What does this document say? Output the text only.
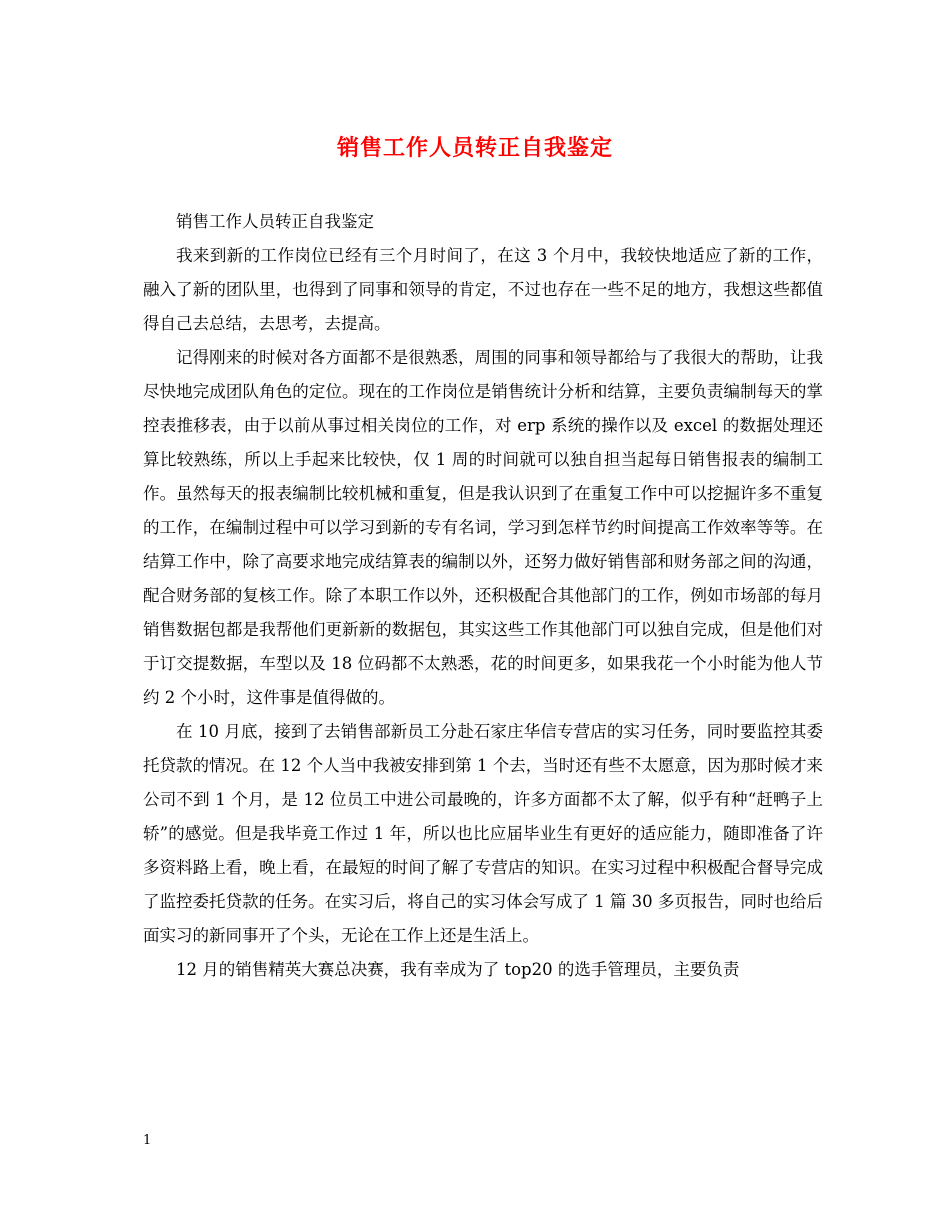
销售工作人员转正自我鉴定

销售工作人员转正自我鉴定

我来到新的工作岗位已经有三个月时间了，在这 3 个月中，我较快地适应了新的工作，融入了新的团队里，也得到了同事和领导的肯定，不过也存在一些不足的地方，我想这些都值得自己去总结，去思考，去提高。

记得刚来的时候对各方面都不是很熟悉，周围的同事和领导都给与了我很大的帮助，让我尽快地完成团队角色的定位。现在的工作岗位是销售统计分析和结算，主要负责编制每天的掌控表推移表，由于以前从事过相关岗位的工作，对 erp 系统的操作以及 excel 的数据处理还算比较熟练，所以上手起来比较快，仅 1 周的时间就可以独自担当起每日销售报表的编制工作。虽然每天的报表编制比较机械和重复，但是我认识到了在重复工作中可以挖掘许多不重复的工作，在编制过程中可以学习到新的专有名词，学习到怎样节约时间提高工作效率等等。在结算工作中，除了高要求地完成结算表的编制以外，还努力做好销售部和财务部之间的沟通，配合财务部的复核工作。除了本职工作以外，还积极配合其他部门的工作，例如市场部的每月销售数据包都是我帮他们更新新的数据包，其实这些工作其他部门可以独自完成，但是他们对于订交提数据，车型以及 18 位码都不太熟悉，花的时间更多，如果我花一个小时能为他人节约 2 个小时，这件事是值得做的。

在 10 月底，接到了去销售部新员工分赴石家庄华信专营店的实习任务，同时要监控其委托贷款的情况。在 12 个人当中我被安排到第 1 个去，当时还有些不太愿意，因为那时候才来公司不到 1 个月，是 12 位员工中进公司最晚的，许多方面都不太了解，似乎有种“赶鸭子上轿”的感觉。但是我毕竟工作过 1 年，所以也比应届毕业生有更好的适应能力，随即准备了许多资料路上看，晚上看，在最短的时间了解了专营店的知识。在实习过程中积极配合督导完成了监控委托贷款的任务。在实习后，将自己的实习体会写成了 1 篇 30 多页报告，同时也给后面实习的新同事开了个头，无论在工作上还是生活上。

12 月的销售精英大赛总决赛，我有幸成为了 top20 的选手管理员，主要负责

1
